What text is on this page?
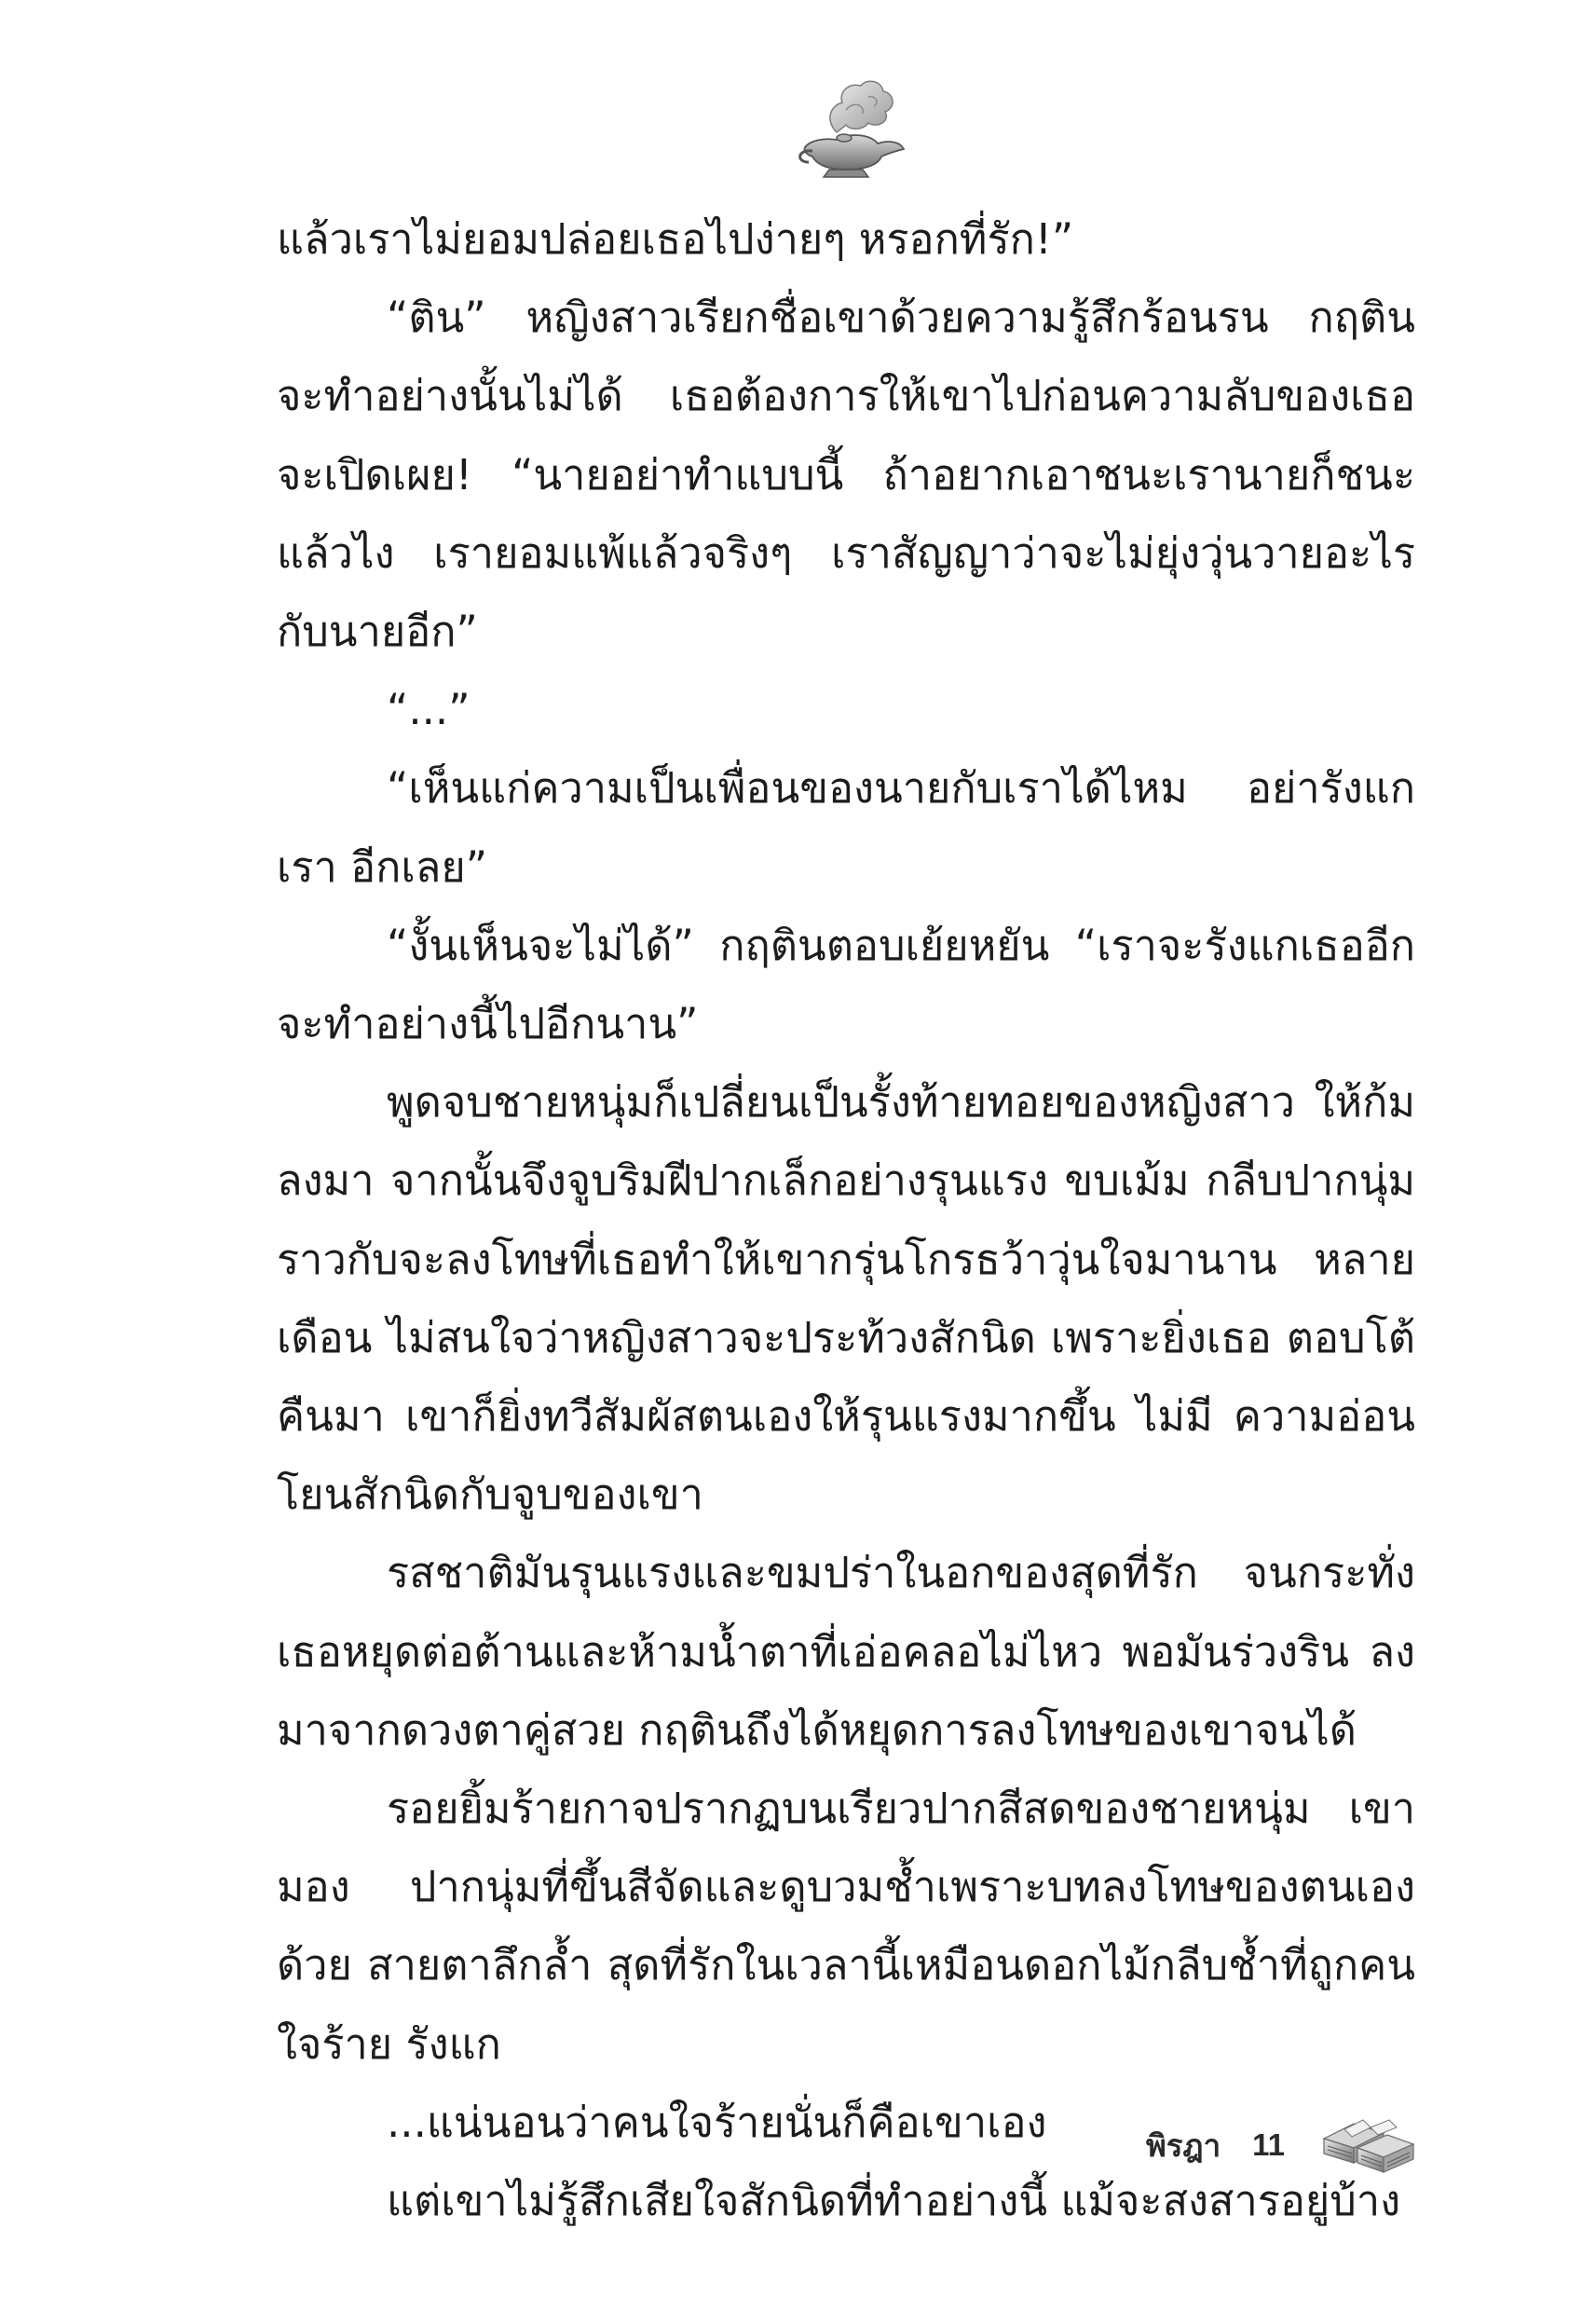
แล้วเราไม่ยอมปล่อยเธอไปง่ายๆ หรอกที่รัก!”

“ติน” หญิงสาวเรียกชื่อเขาด้วยความรู้สึกร้อนรน กฤติน จะทำอย่างนั้นไม่ได้ เธอต้องการให้เขาไปก่อนความลับของเธอ จะเปิดเผย! “นายอย่าทำแบบนี้ ถ้าอยากเอาชนะเรานายก็ชนะ แล้วไง เรายอมแพ้แล้วจริงๆ เราสัญญาว่าจะไม่ยุ่งวุ่นวายอะไร กับนายอีก”

“...”

“เห็นแก่ความเป็นเพื่อนของนายกับเราได้ไหม อย่ารังแกเรา อีกเลย”

“งั้นเห็นจะไม่ได้” กฤตินตอบเย้ยหยัน “เราจะรังแกเธออีก จะทำอย่างนี้ไปอีกนาน”

พูดจบชายหนุ่มก็เปลี่ยนเป็นรั้งท้ายทอยของหญิงสาว ให้ก้มลงมา จากนั้นจึงจูบริมฝีปากเล็กอย่างรุนแรง ขบเม้ม กลีบปากนุ่มราวกับจะลงโทษที่เธอทำให้เขากรุ่นโกรธว้าวุ่นใจมานาน หลายเดือน ไม่สนใจว่าหญิงสาวจะประท้วงสักนิด เพราะยิ่งเธอ ตอบโต้คืนมา เขาก็ยิ่งทวีสัมผัสตนเองให้รุนแรงมากขึ้น ไม่มี ความอ่อนโยนสักนิดกับจูบของเขา

รสชาติมันรุนแรงและขมปร่าในอกของสุดที่รัก จนกระทั่ง เธอหยุดต่อต้านและห้ามน้ำตาที่เอ่อคลอไม่ไหว พอมันร่วงริน ลงมาจากดวงตาคู่สวย กฤตินถึงได้หยุดการลงโทษของเขาจนได้

รอยยิ้มร้ายกาจปรากฏบนเรียวปากสีสดของชายหนุ่ม เขามอง ปากนุ่มที่ขึ้นสีจัดและดูบวมช้ำเพราะบทลงโทษของตนเองด้วย สายตาลึกล้ำ สุดที่รักในเวลานี้เหมือนดอกไม้กลีบช้ำที่ถูกคนใจร้าย รังแก

...แน่นอนว่าคนใจร้ายนั่นก็คือเขาเอง

แต่เขาไม่รู้สึกเสียใจสักนิดที่ทำอย่างนี้ แม้จะสงสารอยู่บ้าง

พิรฎา 11
